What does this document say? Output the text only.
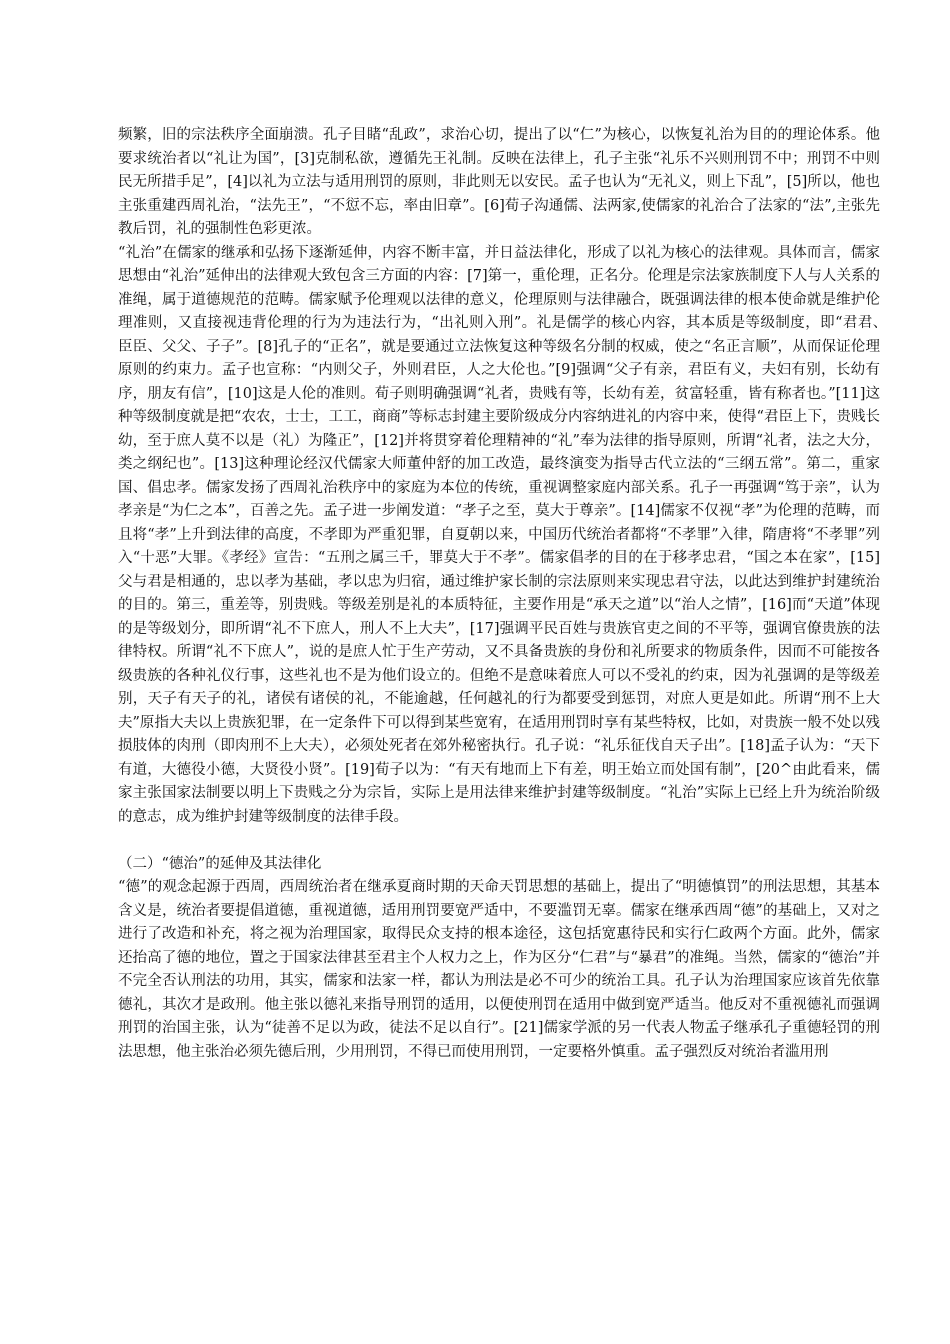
频繁，旧的宗法秩序全面崩溃。孔子目睹“乱政”，求治心切，提出了以“仁”为核心，以恢复礼治为目的的理论体系。他要求统治者以“礼让为国”，[3]克制私欲，遵循先王礼制。反映在法律上，孔子主张“礼乐不兴则刑罚不中；刑罚不中则民无所措手足”，[4]以礼为立法与适用刑罚的原则，非此则无以安民。孟子也认为“无礼义，则上下乱”，[5]所以，他也主张重建西周礼治，“法先王”，“不愆不忘，率由旧章”。[6]荀子沟通儒、法两家,使儒家的礼治合了法家的“法”,主张先教后罚，礼的强制性色彩更浓。

“礼治”在儒家的继承和弘扬下逐渐延伸，内容不断丰富，并日益法律化，形成了以礼为核心的法律观。具体而言，儒家思想由“礼治”延伸出的法律观大致包含三方面的内容：[7]第一，重伦理，正名分。伦理是宗法家族制度下人与人关系的准绳，属于道德规范的范畴。儒家赋予伦理观以法律的意义，伦理原则与法律融合，既强调法律的根本使命就是维护伦理准则，又直接视违背伦理的行为为违法行为，“出礼则入刑”。礼是儒学的核心内容，其本质是等级制度，即“君君、　臣臣、父父、子子”。[8]孔子的“正名”，就是要通过立法恢复这种等级名分制的权威，使之“名正言顺”，从而保证伦理原则的约束力。孟子也宣称：“内则父子，外则君臣，人之大伦也。”[9]强调“父子有亲，君臣有义，夫妇有别，长幼有序，朋友有信”，[10]这是人伦的准则。荀子则明确强调“礼者，贵贱有等，长幼有差，贫富轻重，皆有称者也。”[11]这种等级制度就是把“农农，士士，工工，商商”等标志封建主要阶级成分内容纳进礼的内容中来，使得“君臣上下，贵贱长幼，至于庶人莫不以是（礼）为隆正”，[12]并将贯穿着伦理精神的“礼”奉为法律的指导原则，所谓“礼者，法之大分，类之纲纪也”。[13]这种理论经汉代儒家大师董仲舒的加工改造，最终演变为指导古代立法的“三纲五常”。第二，重家国、倡忠孝。儒家发扬了西周礼治秩序中的家庭为本位的传统，重视调整家庭内部关系。孔子一再强调“笃于亲”，认为孝亲是“为仁之本”，百善之先。孟子进一步阐发道：“孝子之至，莫大于尊亲”。[14]儒家不仅视“孝”为伦理的范畴，而且将“孝”上升到法律的高度，不孝即为严重犯罪，自夏朝以来，中国历代统治者都将“不孝罪”入律，隋唐将“不孝罪”列入“十恶”大罪。《孝经》宣告：“五刑之属三千，罪莫大于不孝”。儒家倡孝的目的在于移孝忠君，“国之本在家”，[15]父与君是相通的，忠以孝为基础，孝以忠为归宿，通过维护家长制的宗法原则来实现忠君守法，以此达到维护封建统治的目的。第三，重差等，别贵贱。等级差别是礼的本质特征，主要作用是“承天之道”以“治人之情”，[16]而“天道”体现的是等级划分，即所谓“礼不下庶人，刑人不上大夫”，[17]强调平民百姓与贵族官吏之间的不平等，强调官僚贵族的法律特权。所谓“礼不下庶人”，说的是庶人忙于生产劳动，又不具备贵族的身份和礼所要求的物质条件，因而不可能按各级贵族的各种礼仪行事，这些礼也不是为他们设立的。但绝不是意味着庶人可以不受礼的约束，因为礼强调的是等级差别，天子有天子的礼，诸侯有诸侯的礼，不能逾越，任何越礼的行为都要受到惩罚，对庶人更是如此。所谓“刑不上大夫”原指大夫以上贵族犯罪，在一定条件下可以得到某些宽宥，在适用刑罚时享有某些特权，比如，对贵族一般不处以残损肢体的肉刑（即肉刑不上大夫），必须处死者在郊外秘密执行。孔子说：“礼乐征伐自天子出”。[18]孟子认为：“天下有道，大德役小德，大贤役小贤”。[19]荀子以为：“有天有地而上下有差，明王始立而处国有制”，[20^由此看来，儒家主张国家法制要以明上下贵贱之分为宗旨，实际上是用法律来维护封建等级制度。“礼治”实际上已经上升为统治阶级的意志，成为维护封建等级制度的法律手段。

（二）“德治”的延伸及其法律化

“德”的观念起源于西周，西周统治者在继承夏商时期的天命天罚思想的基础上，提出了“明德慎罚”的刑法思想，其基本含义是，统治者要提倡道德，重视道德，适用刑罚要宽严适中，不要滥罚无辜。儒家在继承西周“德”的基础上，又对之进行了改造和补充，将之视为治理国家，取得民众支持的根本途径，这包括宽惠待民和实行仁政两个方面。此外，儒家还抬高了德的地位，置之于国家法律甚至君主个人权力之上，作为区分“仁君”与“暴君”的准绳。当然，儒家的“德治”并不完全否认刑法的功用，其实，儒家和法家一样，都认为刑法是必不可少的统治工具。孔子认为治理国家应该首先依靠德礼，其次才是政刑。他主张以德礼来指导刑罚的适用，以便使刑罚在适用中做到宽严适当。他反对不重视德礼而强调刑罚的治国主张，认为“徒善不足以为政，徒法不足以自行”。[21]儒家学派的另一代表人物孟子继承孔子重德轻罚的刑法思想，他主张治必须先德后刑，少用刑罚，不得已而使用刑罚，一定要格外慎重。孟子强烈反对统治者滥用刑
